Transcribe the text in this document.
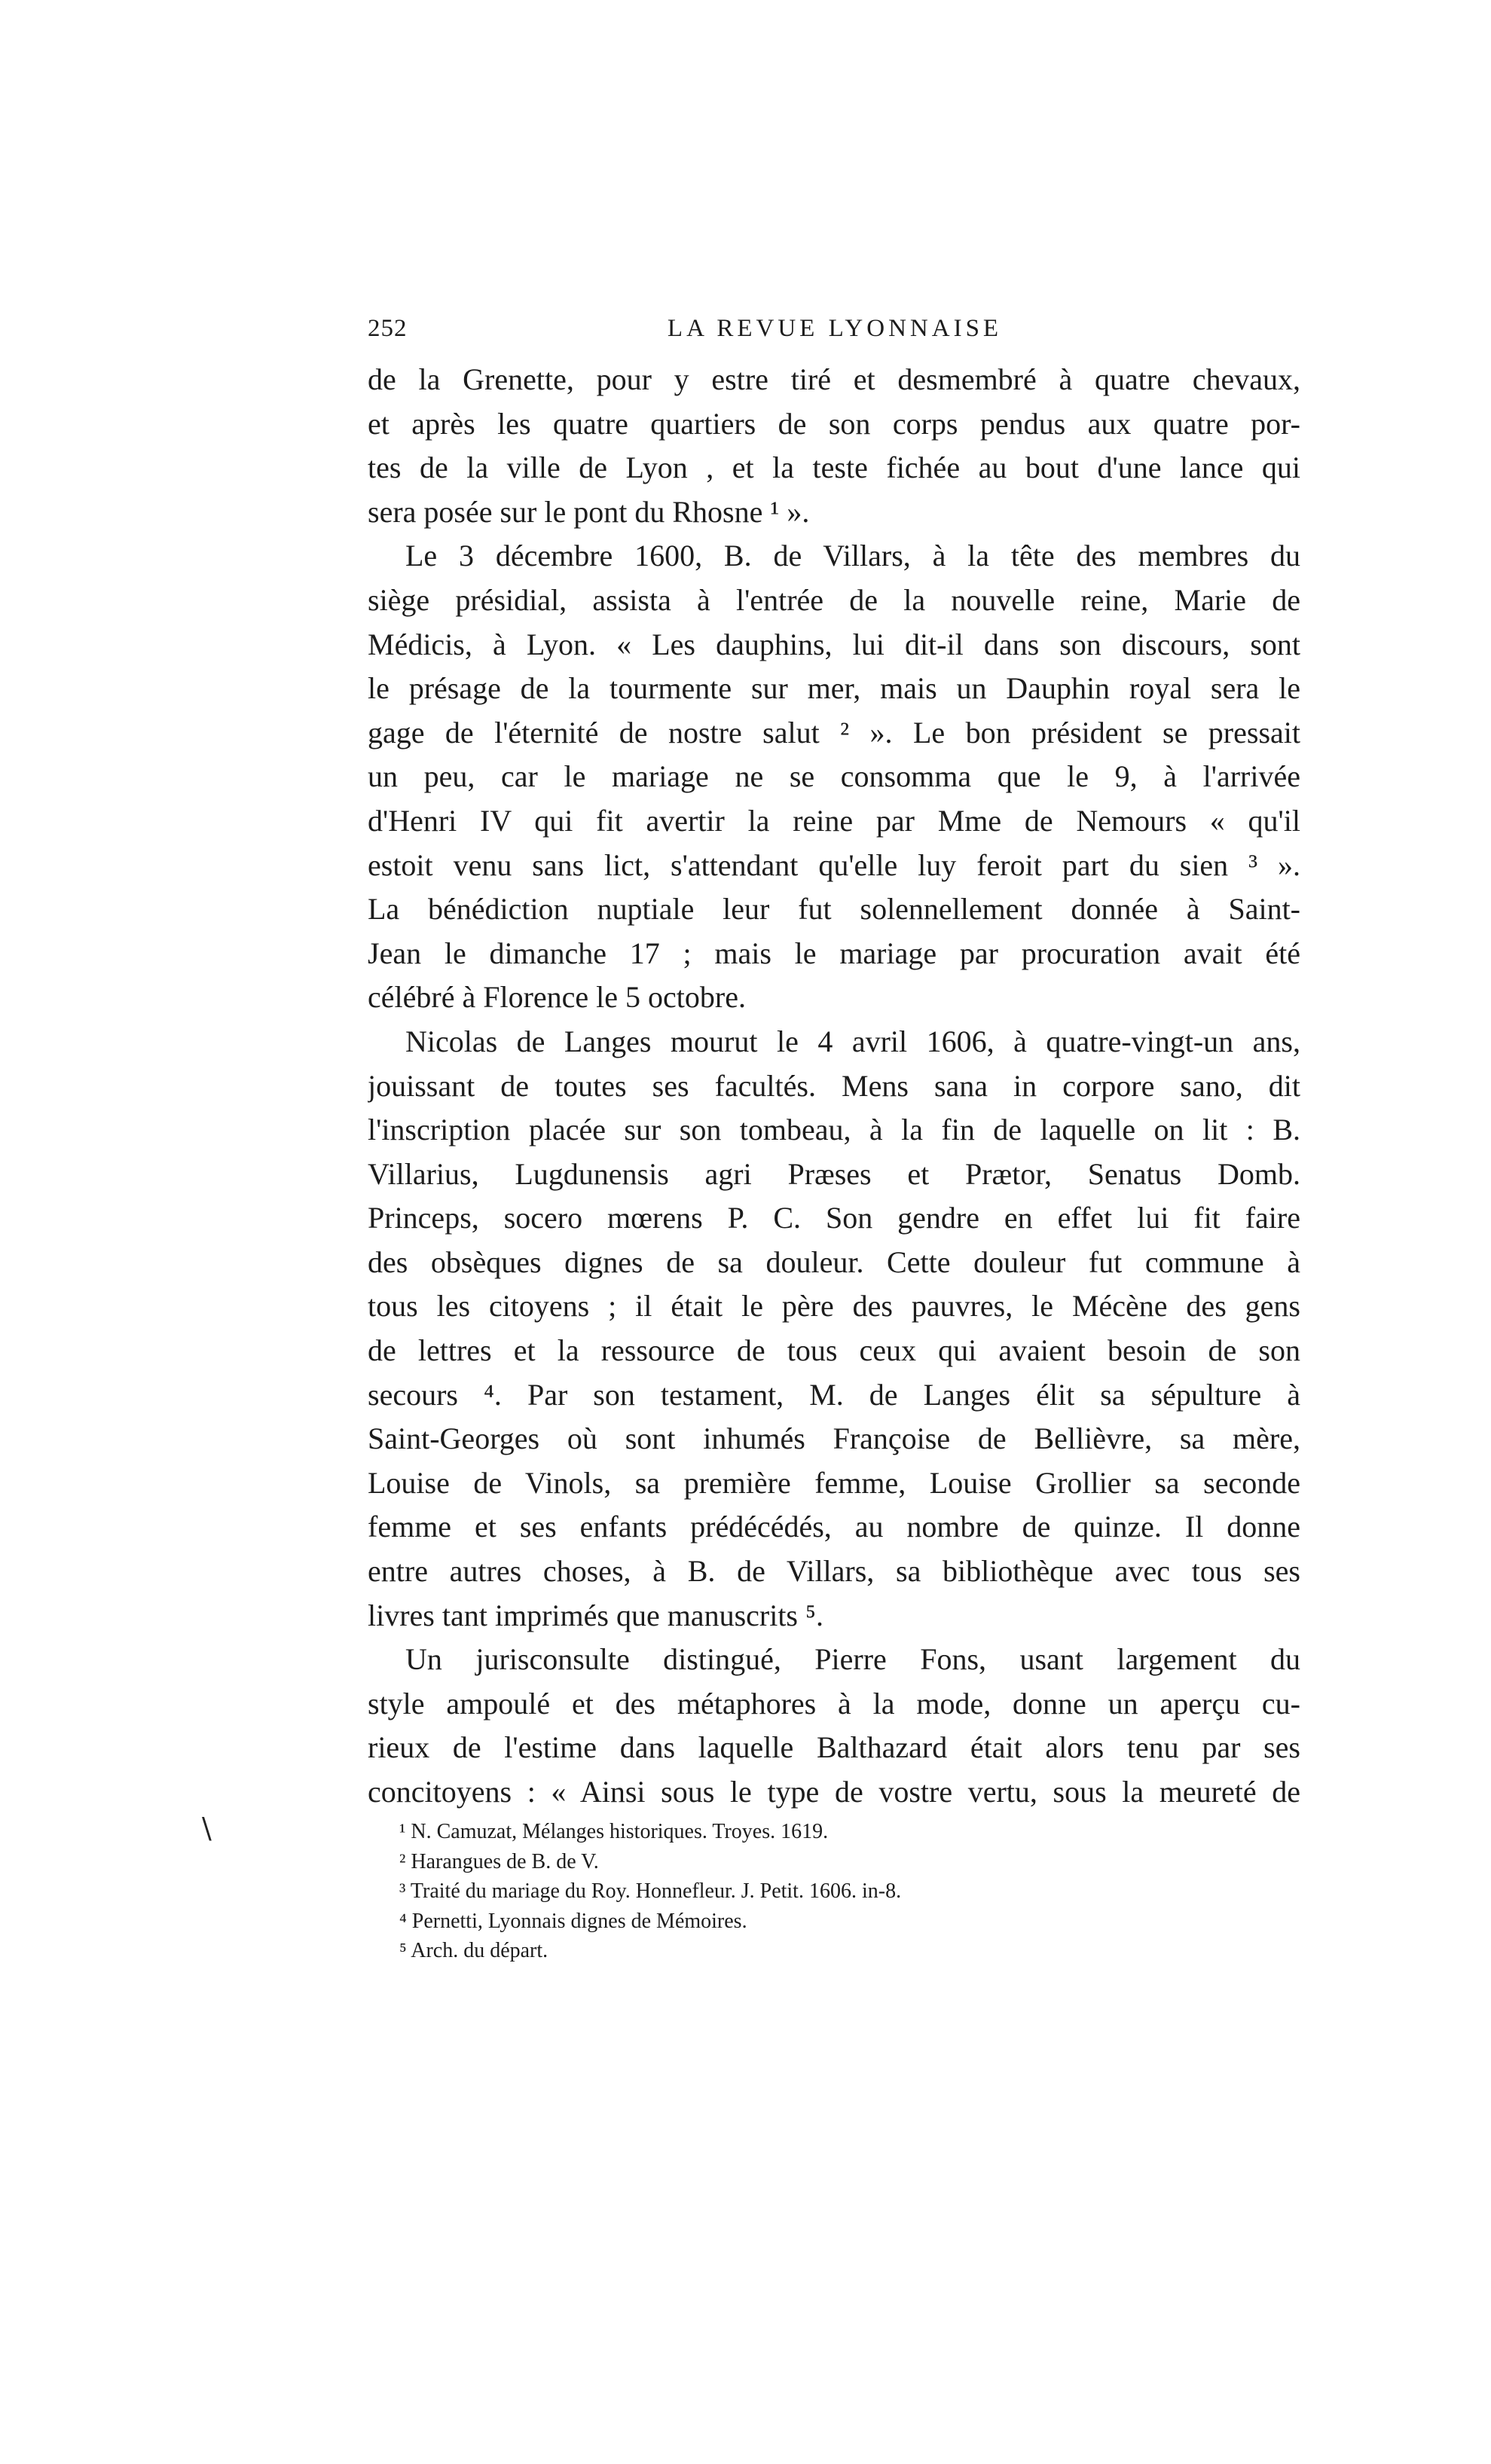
252	LA REVUE LYONNAISE
de la Grenette, pour y estre tiré et desmembré à quatre chevaux,
et après les quatre quartiers de son corps pendus aux quatre por-
tes de la ville de Lyon , et la teste fichée au bout d'une lance qui
sera posée sur le pont du Rhosne ¹ ».
Le 3 décembre 1600, B. de Villars, à la tête des membres du
siège présidial, assista à l'entrée de la nouvelle reine, Marie de
Médicis, à Lyon. « Les dauphins, lui dit-il dans son discours, sont
le présage de la tourmente sur mer, mais un Dauphin royal sera le
gage de l'éternité de nostre salut ² ». Le bon président se pressait
un peu, car le mariage ne se consomma que le 9, à l'arrivée
d'Henri IV qui fit avertir la reine par Mme de Nemours « qu'il
estoit venu sans lict, s'attendant qu'elle luy feroit part du sien ³ ».
La bénédiction nuptiale leur fut solennellement donnée à Saint-
Jean le dimanche 17 ; mais le mariage par procuration avait été
célébré à Florence le 5 octobre.
Nicolas de Langes mourut le 4 avril 1606, à quatre-vingt-un ans,
jouissant de toutes ses facultés. Mens sana in corpore sano, dit
l'inscription placée sur son tombeau, à la fin de laquelle on lit : B.
Villarius, Lugdunensis agri Præses et Prætor, Senatus Domb.
Princeps, socero mœrens P. C. Son gendre en effet lui fit faire
des obsèques dignes de sa douleur. Cette douleur fut commune à
tous les citoyens ; il était le père des pauvres, le Mécène des gens
de lettres et la ressource de tous ceux qui avaient besoin de son
secours ⁴. Par son testament, M. de Langes élit sa sépulture à
Saint-Georges où sont inhumés Françoise de Bellièvre, sa mère,
Louise de Vinols, sa première femme, Louise Grollier sa seconde
femme et ses enfants prédécédés, au nombre de quinze. Il donne
entre autres choses, à B. de Villars, sa bibliothèque avec tous ses
livres tant imprimés que manuscrits ⁵.
Un jurisconsulte distingué, Pierre Fons, usant largement du
style ampoulé et des métaphores à la mode, donne un aperçu cu-
rieux de l'estime dans laquelle Balthazard était alors tenu par ses
concitoyens : « Ainsi sous le type de vostre vertu, sous la meureté de
\	¹ N. Camuzat, Mélanges historiques. Troyes. 1619.
² Harangues de B. de V.
³ Traité du mariage du Roy. Honnefleur. J. Petit. 1606. in-8.
⁴ Pernetti, Lyonnais dignes de Mémoires.
⁵ Arch. du départ.
